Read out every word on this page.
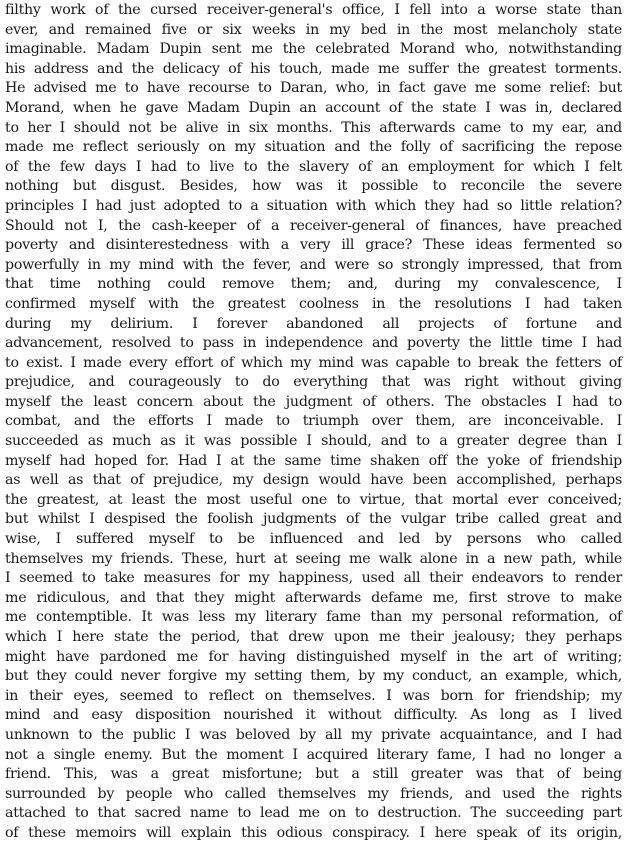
filthy work of the cursed receiver-general's office, I fell into a worse state than
ever, and remained five or six weeks in my bed in the most melancholy state
imaginable. Madam Dupin sent me the celebrated Morand who, notwithstanding
his address and the delicacy of his touch, made me suffer the greatest torments.
He advised me to have recourse to Daran, who, in fact gave me some relief: but
Morand, when he gave Madam Dupin an account of the state I was in, declared
to her I should not be alive in six months. This afterwards came to my ear, and
made me reflect seriously on my situation and the folly of sacrificing the repose
of the few days I had to live to the slavery of an employment for which I felt
nothing but disgust. Besides, how was it possible to reconcile the severe
principles I had just adopted to a situation with which they had so little relation?
Should not I, the cash-keeper of a receiver-general of finances, have preached
poverty and disinterestedness with a very ill grace? These ideas fermented so
powerfully in my mind with the fever, and were so strongly impressed, that from
that time nothing could remove them; and, during my convalescence, I
confirmed myself with the greatest coolness in the resolutions I had taken
during my delirium. I forever abandoned all projects of fortune and
advancement, resolved to pass in independence and poverty the little time I had
to exist. I made every effort of which my mind was capable to break the fetters of
prejudice, and courageously to do everything that was right without giving
myself the least concern about the judgment of others. The obstacles I had to
combat, and the efforts I made to triumph over them, are inconceivable. I
succeeded as much as it was possible I should, and to a greater degree than I
myself had hoped for. Had I at the same time shaken off the yoke of friendship
as well as that of prejudice, my design would have been accomplished, perhaps
the greatest, at least the most useful one to virtue, that mortal ever conceived;
but whilst I despised the foolish judgments of the vulgar tribe called great and
wise, I suffered myself to be influenced and led by persons who called
themselves my friends. These, hurt at seeing me walk alone in a new path, while
I seemed to take measures for my happiness, used all their endeavors to render
me ridiculous, and that they might afterwards defame me, first strove to make
me contemptible. It was less my literary fame than my personal reformation, of
which I here state the period, that drew upon me their jealousy; they perhaps
might have pardoned me for having distinguished myself in the art of writing;
but they could never forgive my setting them, by my conduct, an example, which,
in their eyes, seemed to reflect on themselves. I was born for friendship; my
mind and easy disposition nourished it without difficulty. As long as I lived
unknown to the public I was beloved by all my private acquaintance, and I had
not a single enemy. But the moment I acquired literary fame, I had no longer a
friend. This, was a great misfortune; but a still greater was that of being
surrounded by people who called themselves my friends, and used the rights
attached to that sacred name to lead me on to destruction. The succeeding part
of these memoirs will explain this odious conspiracy. I here speak of its origin,
